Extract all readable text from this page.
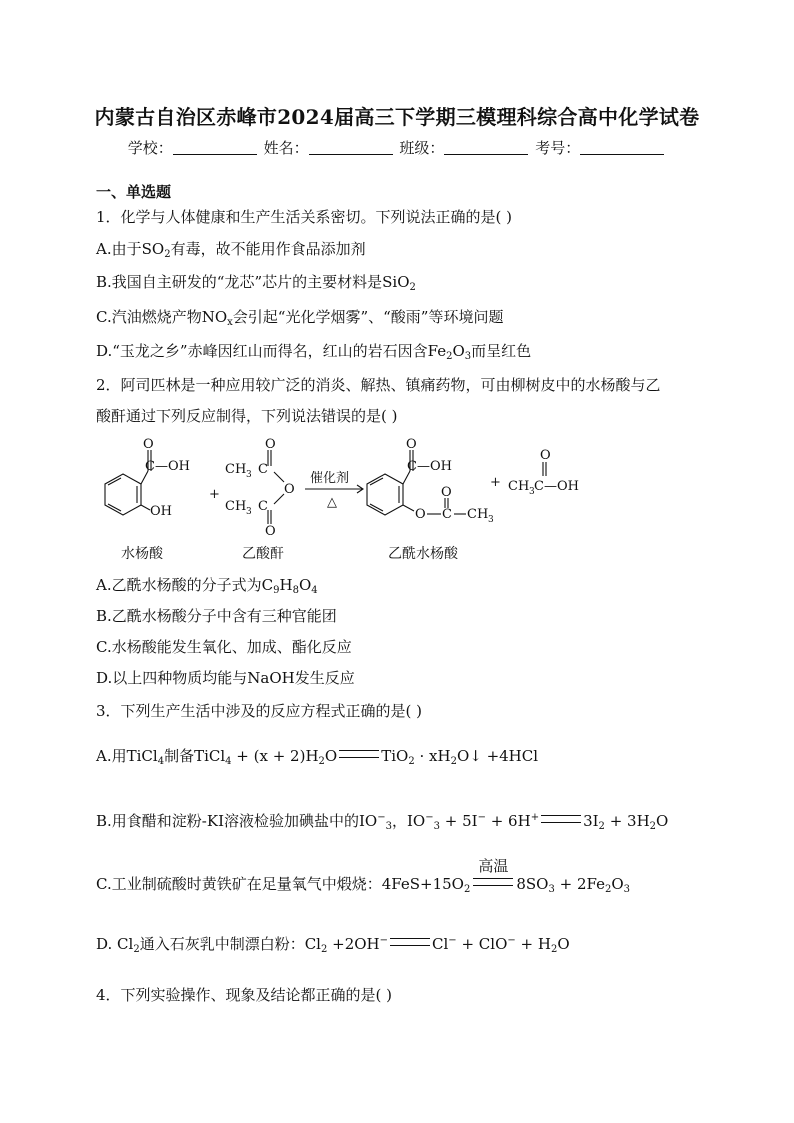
内蒙古自治区赤峰市2024届高三下学期三模理科综合高中化学试卷
学校：	姓名：	班级：	考号：
一、单选题
1．化学与人体健康和生产生活关系密切。下列说法正确的是( )
A.由于$SO_2$有毒，故不能用作食品添加剂
B.我国自主研发的“龙芯”芯片的主要材料是SiO$_2$
C.汽油燃烧产物$NO_x$会引起“光化学烟雾”、“酸雨”等环境问题
D.“玉龙之乡”赤峰因红山而得名，红山的岩石因含$Fe_2O_3$而呈红色
2．阿司匹林是一种应用较广泛的消炎、解热、镇痛药物，可由柳树皮中的水杨酸与乙
酸酐通过下列反应制得，下列说法错误的是( )
O
C—OH
OH
+
O
CH 3 C
O
CH 3 C
O
催化剂
△
O
C—OH
O
O
C CH 3
+
O
CH 3 C—OH
水杨酸	乙酸酐	乙酰水杨酸
A.乙酰水杨酸的分子式为$C_9H_8O_4$
B.乙酰水杨酸分子中含有三种官能团
C.水杨酸能发生氧化、加成、酯化反应
D.以上四种物质均能与NaOH发生反应
3．下列生产生活中涉及的反应方程式正确的是( )
A.用TiCl$_4$制备TiCl$_4$ + $(x + 2)H_2O$	$TiO_2 \cdot xH_2O↓ +4HCl$
B.用食醋和淀粉-KI溶液检验加碘盐中的$IO^-_3$，$IO^-_3 + 5I^- + 6H^+$	$3I_2 + 3H_2O$
C.工业制硫酸时黄铁矿在足量氧气中煅烧：$4FeS+15O_2$
高温
$8SO_3 + 2Fe_2O_3$
D. $Cl_2$通入石灰乳中制漂白粉：$Cl_2 +2OH^-$	$Cl^- + ClO^- + H_2O$
4．下列实验操作、现象及结论都正确的是( )
